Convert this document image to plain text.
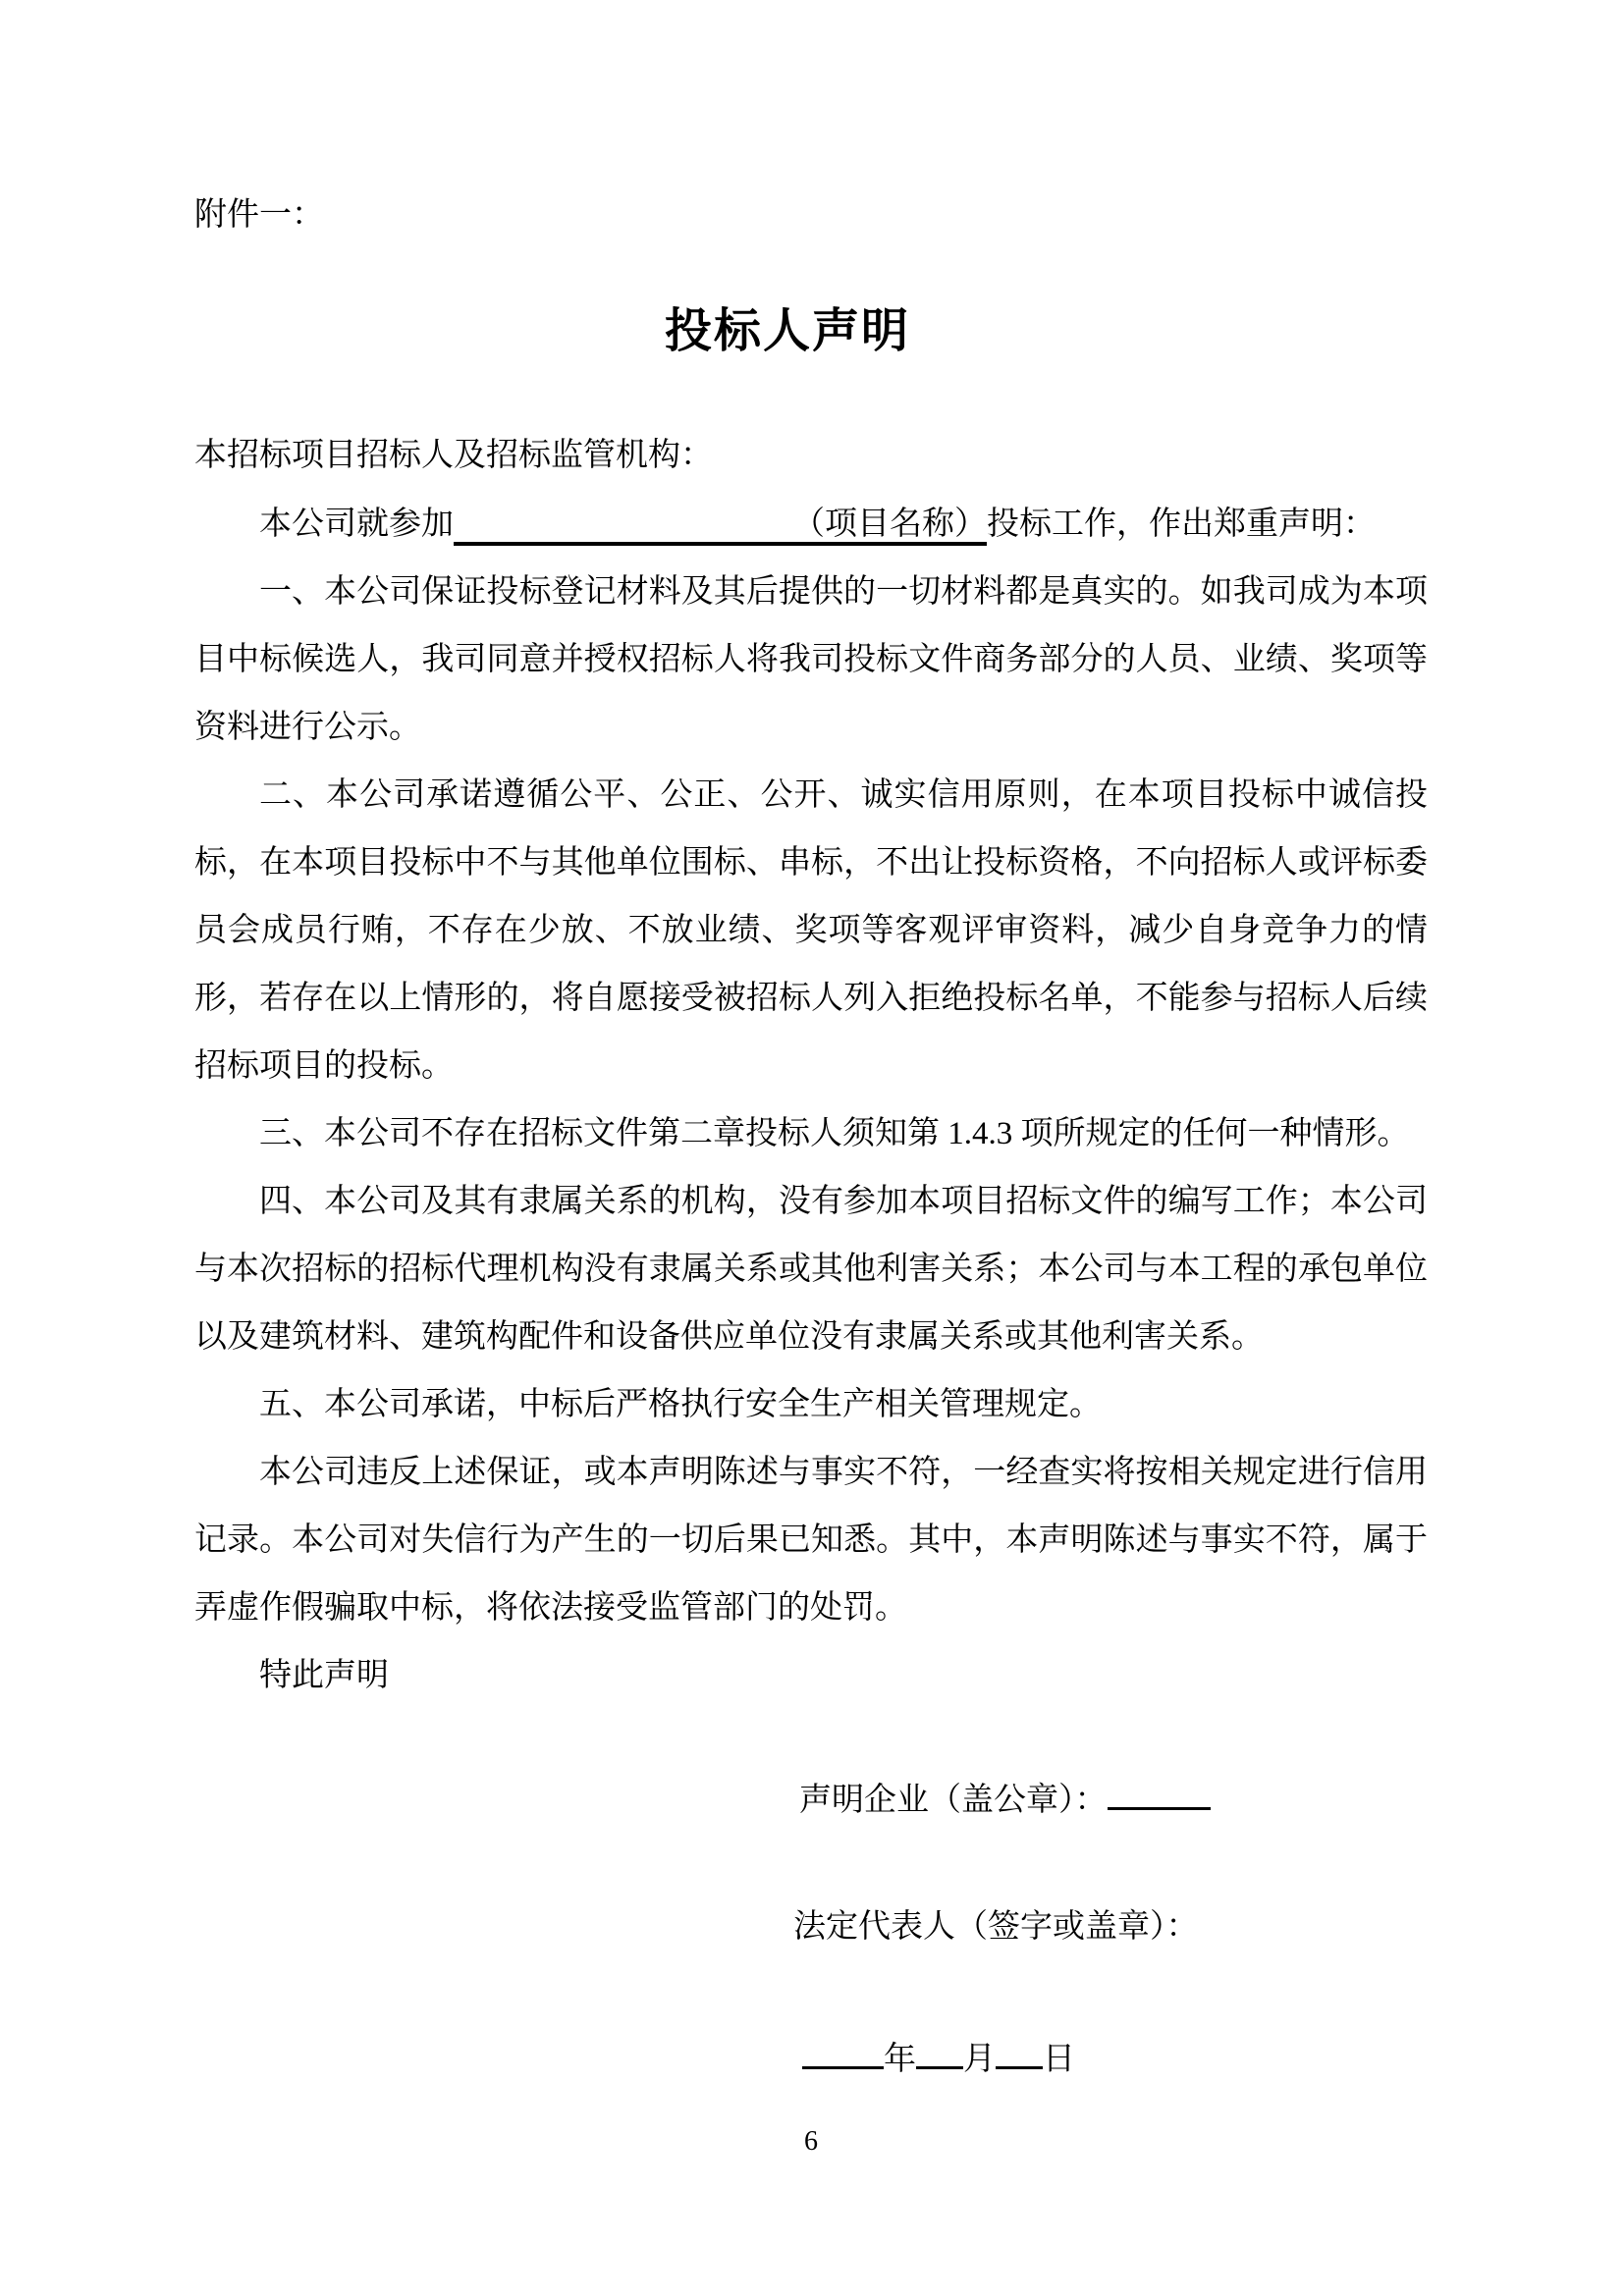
附件一：
投标人声明
本招标项目招标人及招标监管机构：
本公司就参加	（项目名称）投标工作，作出郑重声明：

一、本公司保证投标登记材料及其后提供的一切材料都是真实的。如我司成为本项目中标候选人，我司同意并授权招标人将我司投标文件商务部分的人员、业绩、奖项等资料进行公示。

二、本公司承诺遵循公平、公正、公开、诚实信用原则，在本项目投标中诚信投标，在本项目投标中不与其他单位围标、串标，不出让投标资格，不向招标人或评标委员会成员行贿，不存在少放、不放业绩、奖项等客观评审资料，减少自身竞争力的情形，若存在以上情形的，将自愿接受被招标人列入拒绝投标名单，不能参与招标人后续招标项目的投标。

三、本公司不存在招标文件第二章投标人须知第 1.4.3 项所规定的任何一种情形。

四、本公司及其有隶属关系的机构，没有参加本项目招标文件的编写工作；本公司与本次招标的招标代理机构没有隶属关系或其他利害关系；本公司与本工程的承包单位以及建筑材料、建筑构配件和设备供应单位没有隶属关系或其他利害关系。

五、本公司承诺，中标后严格执行安全生产相关管理规定。

本公司违反上述保证，或本声明陈述与事实不符，一经查实将按相关规定进行信用记录。本公司对失信行为产生的一切后果已知悉。其中，本声明陈述与事实不符，属于弄虚作假骗取中标，将依法接受监管部门的处罚。

特此声明

声明企业（盖公章）：
法定代表人（签字或盖章）：
年 月 日
6
